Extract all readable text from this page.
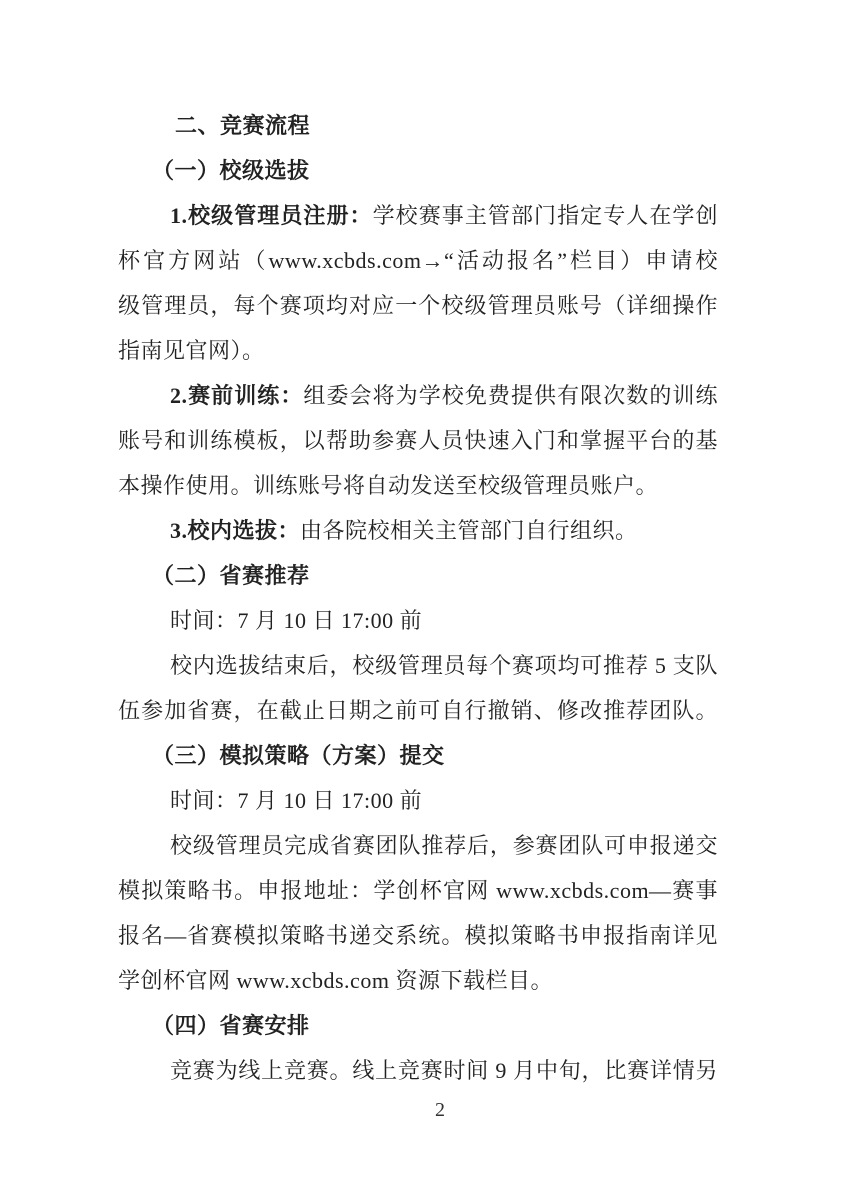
二、竞赛流程
（一）校级选拔
1.校级管理员注册：学校赛事主管部门指定专人在学创
杯官方网站（www.xcbds.com→“活动报名”栏目）申请校
级管理员，每个赛项均对应一个校级管理员账号（详细操作
指南见官网）。
2.赛前训练：组委会将为学校免费提供有限次数的训练
账号和训练模板，以帮助参赛人员快速入门和掌握平台的基
本操作使用。训练账号将自动发送至校级管理员账户。
3.校内选拔：由各院校相关主管部门自行组织。
（二）省赛推荐
时间：7 月 10 日 17:00 前
校内选拔结束后，校级管理员每个赛项均可推荐 5 支队
伍参加省赛，在截止日期之前可自行撤销、修改推荐团队。
（三）模拟策略（方案）提交
时间：7 月 10 日 17:00 前
校级管理员完成省赛团队推荐后，参赛团队可申报递交
模拟策略书。申报地址：学创杯官网 www.xcbds.com—赛事
报名—省赛模拟策略书递交系统。模拟策略书申报指南详见
学创杯官网 www.xcbds.com 资源下载栏目。
（四）省赛安排
竞赛为线上竞赛。线上竞赛时间 9 月中旬，比赛详情另
2
